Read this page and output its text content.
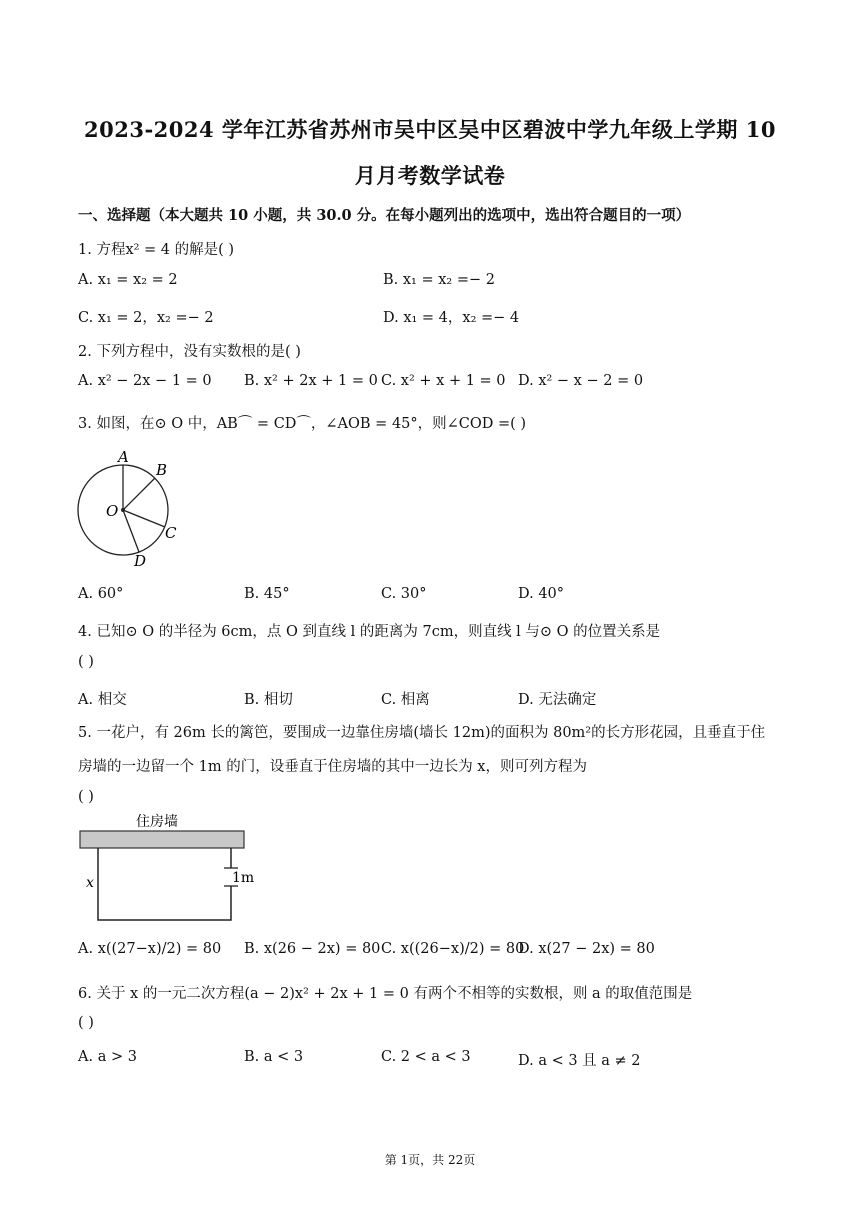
2023-2024 学年江苏省苏州市吴中区吴中区碧波中学九年级上学期 10
月月考数学试卷
一、选择题（本大题共 10 小题，共 30.0 分。在每小题列出的选项中，选出符合题目的一项）
1. 方程x² = 4 的解是( )
A. x₁ = x₂ = 2	B. x₁ = x₂ =− 2
C. x₁ = 2，x₂ =− 2	D. x₁ = 4，x₂ =− 4
2. 下列方程中，没有实数根的是( )
A. x² − 2x − 1 = 0 B. x² + 2x + 1 = 0 C. x² + x + 1 = 0 D. x² − x − 2 = 0
3. 如图，在⊙ O 中，AB⌒ = CD⌒，∠AOB = 45°，则∠COD =( )
A
B
O
C
D
A. 60°	B. 45°	C. 30°	D. 40°
4. 已知⊙ O 的半径为 6cm，点 O 到直线 l 的距离为 7cm，则直线 l 与⊙ O 的位置关系是
( )
A. 相交	B. 相切	C. 相离	D. 无法确定
5. 一花户，有 26m 长的篱笆，要围成一边靠住房墙(墙长 12m)的面积为 80m²的长方形花园，且垂直于住
房墙的一边留一个 1m 的门，设垂直于住房墙的其中一边长为 x，则可列方程为
( )
住房墙
x	1m
A. x((27−x)/2) = 80 B. x(26 − 2x) = 80 C. x((26−x)/2) = 80
D. x(27 − 2x) = 80
6. 关于 x 的一元二次方程(a − 2)x² + 2x + 1 = 0 有两个不相等的实数根，则 a 的取值范围是
( )
A. a > 3	B. a < 3	C. 2 < a < 3	D. a < 3 且 a ≠ 2
第 1页，共 22页
